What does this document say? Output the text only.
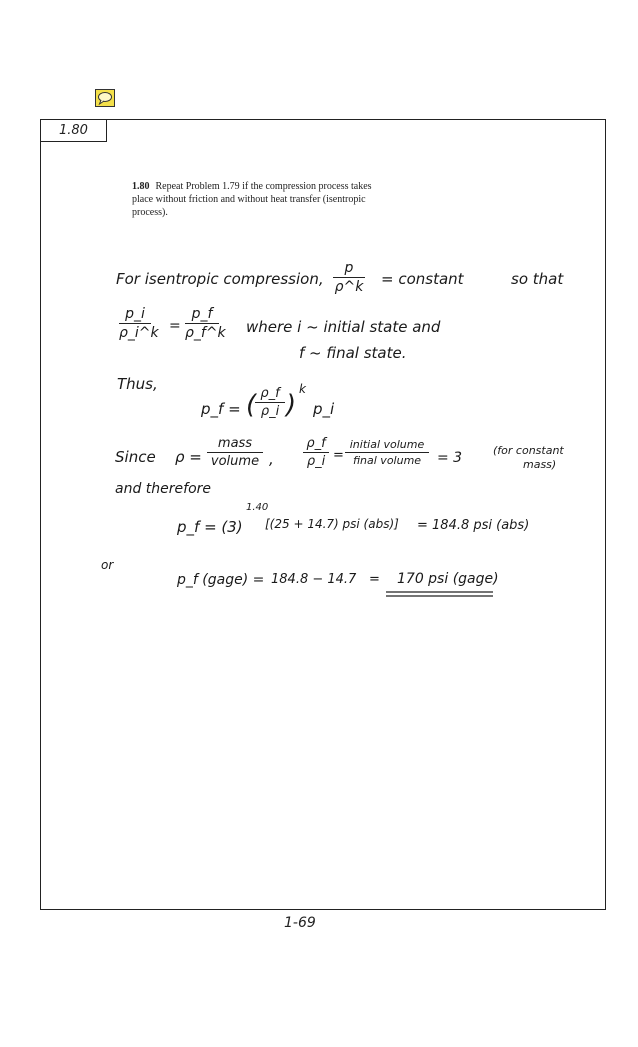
1.80
1.80 Repeat Problem 1.79 if the compression process takes place without friction and without heat transfer (isentropic process).
For isentropic compression,
p
ρ^k = constant	so that
p_i
ρ_i^k =
p_f
ρ_f^k where i ~ initial state and
f ~ final state.
Thus,
p_f = ( ρ_f
ρ_i )
k
p_i
Since ρ =
mass
volume ,
ρ_f
ρ_i =
initial volume
final volume	= 3	(for constant
mass)
and therefore
p_f = (3)
1.40
[(25 + 14.7) psi (abs)] = 184.8 psi (abs)
or
p_f (gage) = 184.8 − 14.7 = 170 psi (gage)
1-69
